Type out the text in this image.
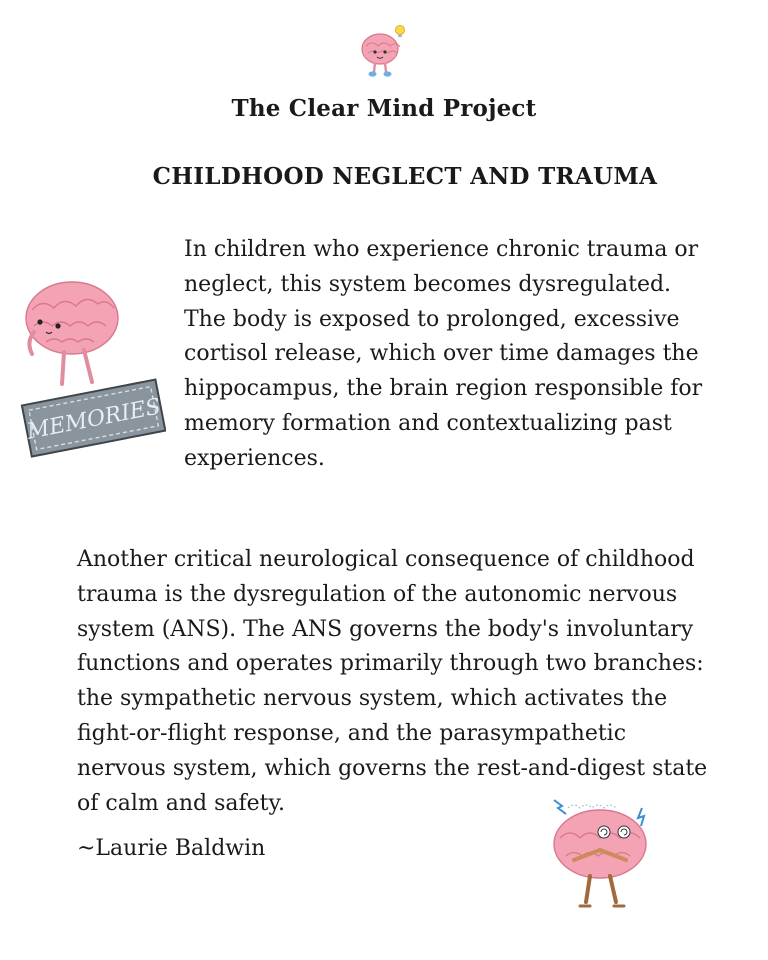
The Clear Mind Project
CHILDHOOD NEGLECT AND TRAUMA
MEMORIES

In children who experience chronic trauma or neglect, this system becomes dysregulated. The body is exposed to prolonged, excessive cortisol release, which over time damages the hippocampus, the brain region responsible for memory formation and contextualizing past experiences.

Another critical neurological consequence of childhood trauma is the dysregulation of the autonomic nervous system (ANS). The ANS governs the body's involuntary functions and operates primarily through two branches: the sympathetic nervous system, which activates the fight-or-flight response, and the parasympathetic nervous system, which governs the rest-and-digest state of calm and safety.

~Laurie Baldwin
